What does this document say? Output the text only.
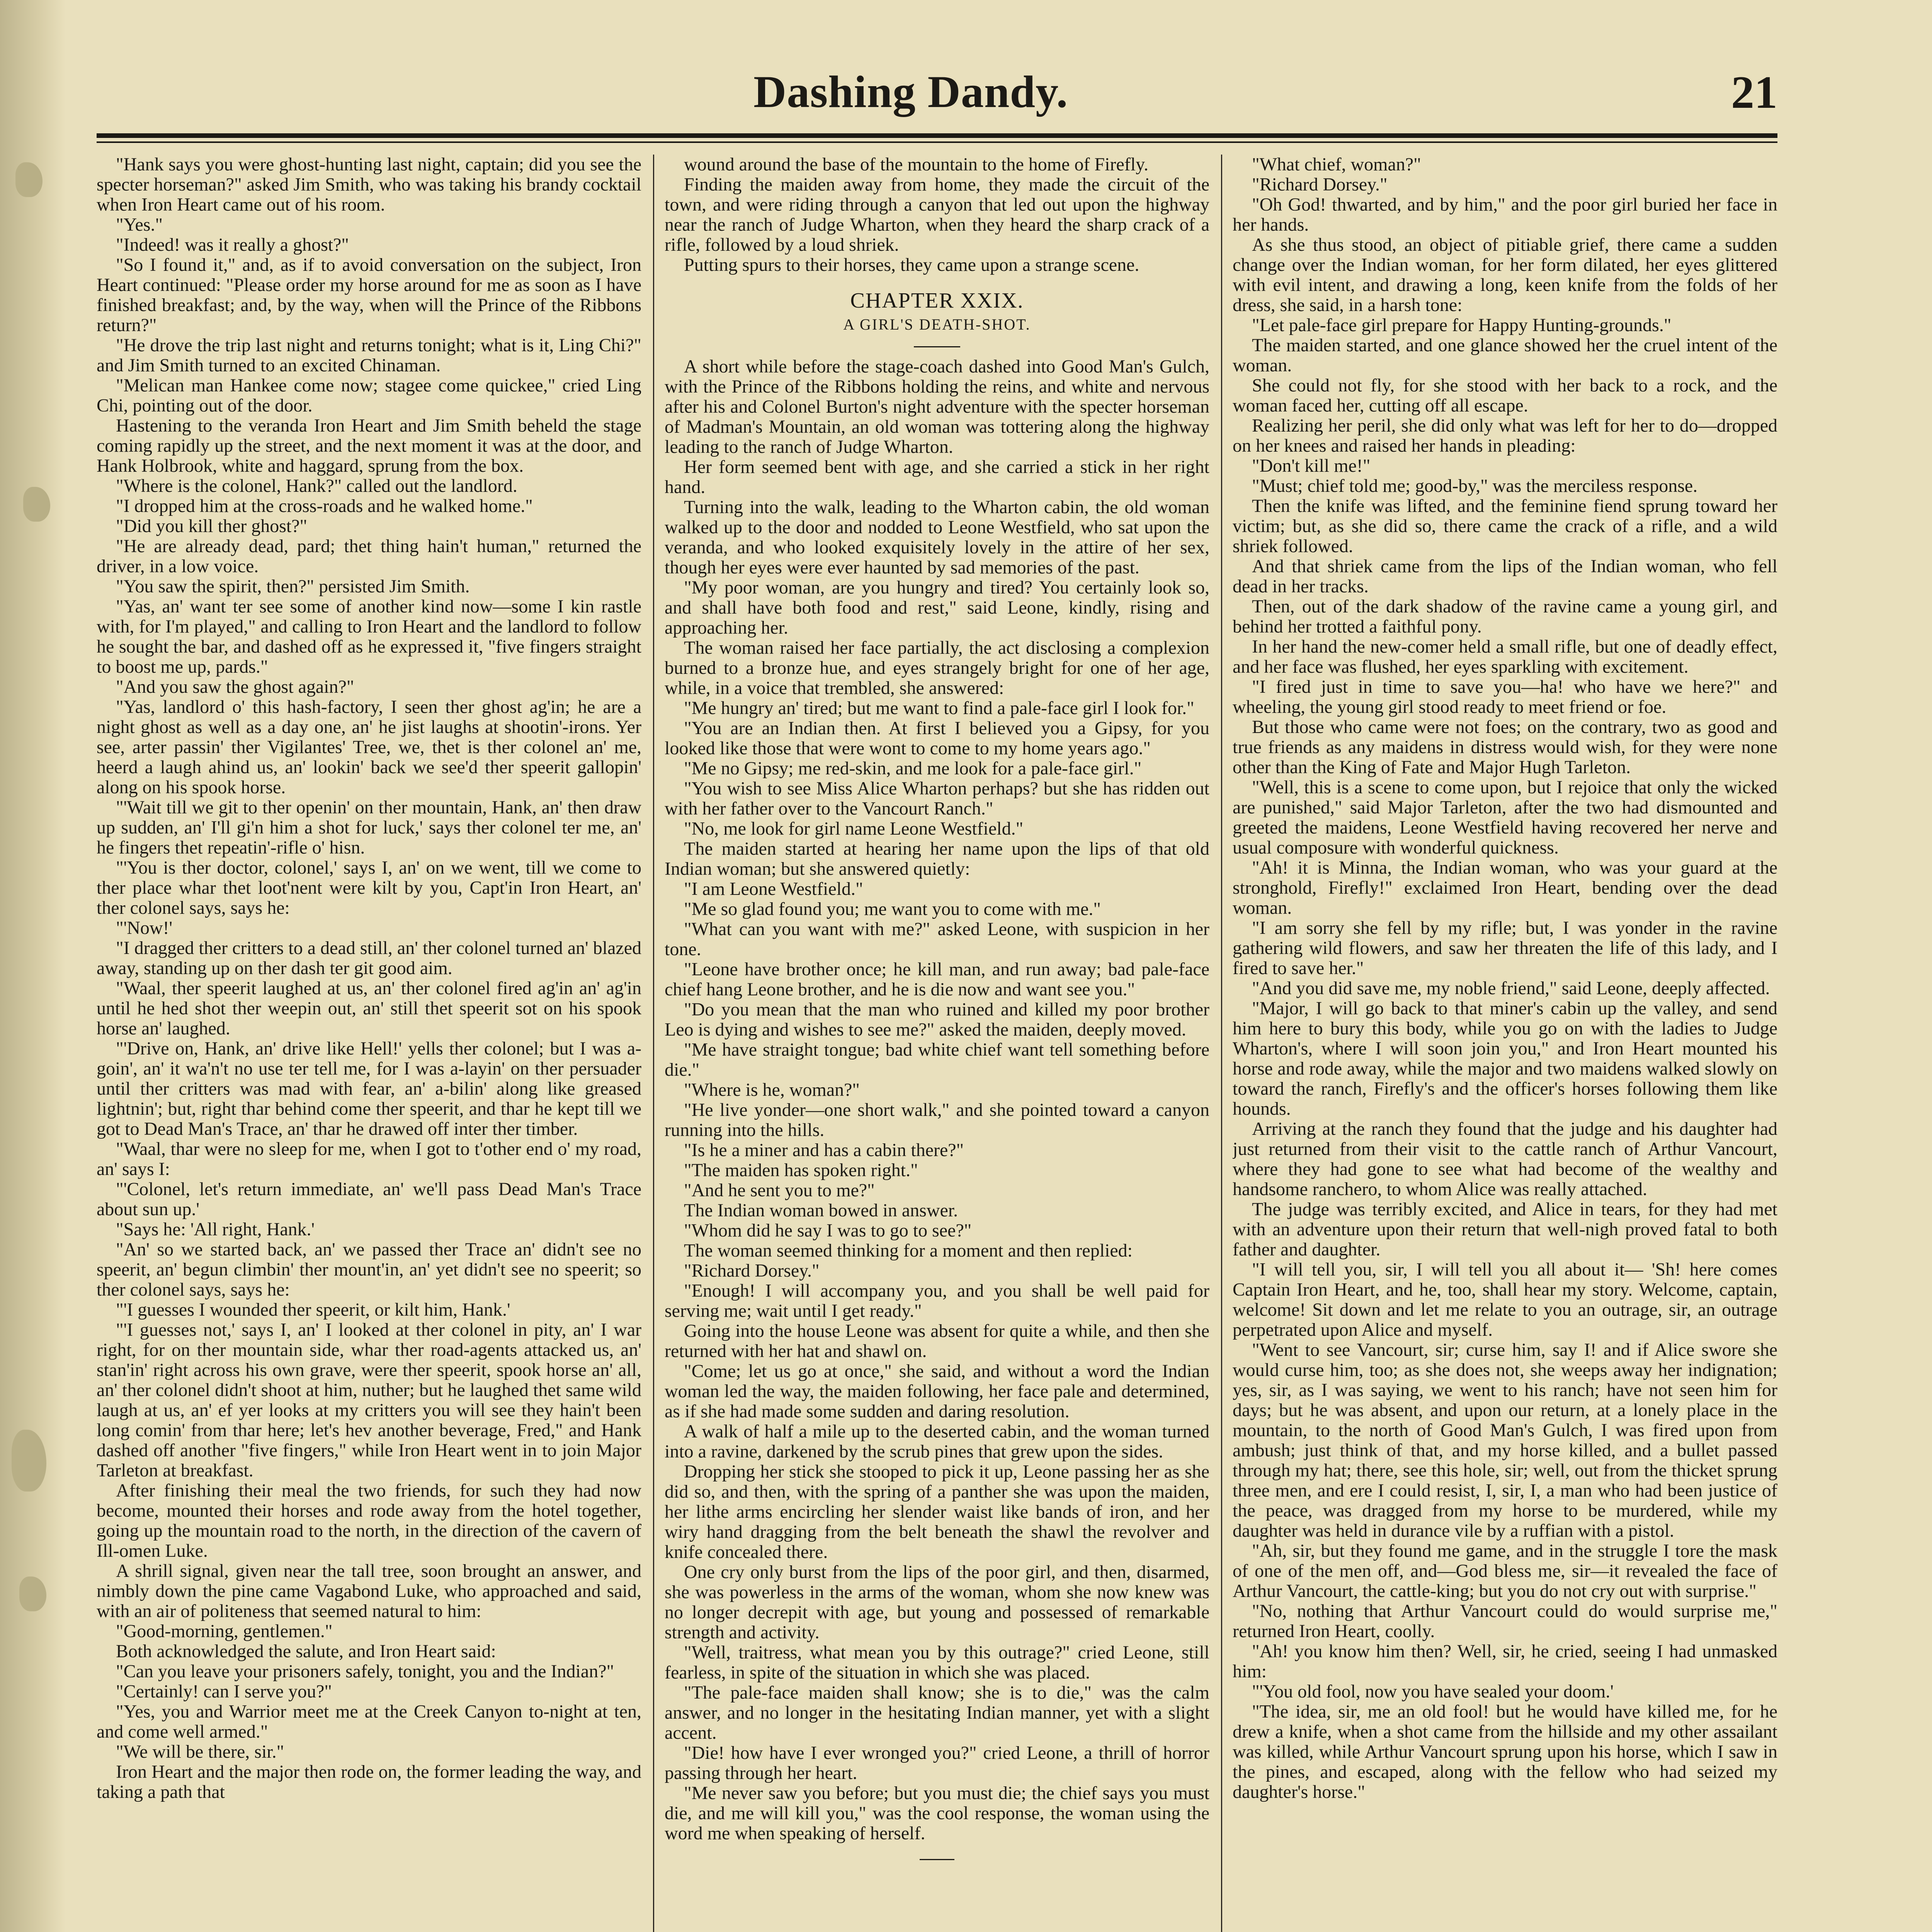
Dashing Dandy.	21

"Hank says you were ghost-hunting last night, captain; did you see the specter horseman?" asked Jim Smith, who was taking his brandy cocktail when Iron Heart came out of his room.

"Yes."

"Indeed! was it really a ghost?"

"So I found it," and, as if to avoid conversation on the subject, Iron Heart continued: "Please order my horse around for me as soon as I have finished breakfast; and, by the way, when will the Prince of the Ribbons return?"

"He drove the trip last night and returns tonight; what is it, Ling Chi?" and Jim Smith turned to an excited Chinaman.

"Melican man Hankee come now; stagee come quickee," cried Ling Chi, pointing out of the door.

Hastening to the veranda Iron Heart and Jim Smith beheld the stage coming rapidly up the street, and the next moment it was at the door, and Hank Holbrook, white and haggard, sprung from the box.

"Where is the colonel, Hank?" called out the landlord.

"I dropped him at the cross-roads and he walked home."

"Did you kill ther ghost?"

"He are already dead, pard; thet thing hain't human," returned the driver, in a low voice.

"You saw the spirit, then?" persisted Jim Smith.

"Yas, an' want ter see some of another kind now—some I kin rastle with, for I'm played," and calling to Iron Heart and the landlord to follow he sought the bar, and dashed off as he expressed it, "five fingers straight to boost me up, pards."

"And you saw the ghost again?"

"Yas, landlord o' this hash-factory, I seen ther ghost ag'in; he are a night ghost as well as a day one, an' he jist laughs at shootin'-irons. Yer see, arter passin' ther Vigilantes' Tree, we, thet is ther colonel an' me, heerd a laugh ahind us, an' lookin' back we see'd ther speerit gallopin' along on his spook horse.

"'Wait till we git to ther openin' on ther mountain, Hank, an' then draw up sudden, an' I'll gi'n him a shot for luck,' says ther colonel ter me, an' he fingers thet repeatin'-rifle o' hisn.

"'You is ther doctor, colonel,' says I, an' on we went, till we come to ther place whar thet loot'nent were kilt by you, Capt'in Iron Heart, an' ther colonel says, says he:

"'Now!'

"I dragged ther critters to a dead still, an' ther colonel turned an' blazed away, standing up on ther dash ter git good aim.

"Waal, ther speerit laughed at us, an' ther colonel fired ag'in an' ag'in until he hed shot ther weepin out, an' still thet speerit sot on his spook horse an' laughed.

"'Drive on, Hank, an' drive like Hell!' yells ther colonel; but I was a-goin', an' it wa'n't no use ter tell me, for I was a-layin' on ther persuader until ther critters was mad with fear, an' a-bilin' along like greased lightnin'; but, right thar behind come ther speerit, and thar he kept till we got to Dead Man's Trace, an' thar he drawed off inter ther timber.

"Waal, thar were no sleep for me, when I got to t'other end o' my road, an' says I:

"'Colonel, let's return immediate, an' we'll pass Dead Man's Trace about sun up.'

"Says he: 'All right, Hank.'

"An' so we started back, an' we passed ther Trace an' didn't see no speerit, an' begun climbin' ther mount'in, an' yet didn't see no speerit; so ther colonel says, says he:

"'I guesses I wounded ther speerit, or kilt him, Hank.'

"'I guesses not,' says I, an' I looked at ther colonel in pity, an' I war right, for on ther mountain side, whar ther road-agents attacked us, an' stan'in' right across his own grave, were ther speerit, spook horse an' all, an' ther colonel didn't shoot at him, nuther; but he laughed thet same wild laugh at us, an' ef yer looks at my critters you will see they hain't been long comin' from thar here; let's hev another beverage, Fred," and Hank dashed off another "five fingers," while Iron Heart went in to join Major Tarleton at breakfast.

After finishing their meal the two friends, for such they had now become, mounted their horses and rode away from the hotel together, going up the mountain road to the north, in the direction of the cavern of Ill-omen Luke.

A shrill signal, given near the tall tree, soon brought an answer, and nimbly down the pine came Vagabond Luke, who approached and said, with an air of politeness that seemed natural to him:

"Good-morning, gentlemen."

Both acknowledged the salute, and Iron Heart said:

"Can you leave your prisoners safely, tonight, you and the Indian?"

"Certainly! can I serve you?"

"Yes, you and Warrior meet me at the Creek Canyon to-night at ten, and come well armed."

"We will be there, sir."

Iron Heart and the major then rode on, the former leading the way, and taking a path that

wound around the base of the mountain to the home of Firefly.

Finding the maiden away from home, they made the circuit of the town, and were riding through a canyon that led out upon the highway near the ranch of Judge Wharton, when they heard the sharp crack of a rifle, followed by a loud shriek.

Putting spurs to their horses, they came upon a strange scene.

CHAPTER XXIX.
A GIRL'S DEATH-SHOT.

A short while before the stage-coach dashed into Good Man's Gulch, with the Prince of the Ribbons holding the reins, and white and nervous after his and Colonel Burton's night adventure with the specter horseman of Madman's Mountain, an old woman was tottering along the highway leading to the ranch of Judge Wharton.

Her form seemed bent with age, and she carried a stick in her right hand.

Turning into the walk, leading to the Wharton cabin, the old woman walked up to the door and nodded to Leone Westfield, who sat upon the veranda, and who looked exquisitely lovely in the attire of her sex, though her eyes were ever haunted by sad memories of the past.

"My poor woman, are you hungry and tired? You certainly look so, and shall have both food and rest," said Leone, kindly, rising and approaching her.

The woman raised her face partially, the act disclosing a complexion burned to a bronze hue, and eyes strangely bright for one of her age, while, in a voice that trembled, she answered:

"Me hungry an' tired; but me want to find a pale-face girl I look for."

"You are an Indian then. At first I believed you a Gipsy, for you looked like those that were wont to come to my home years ago."

"Me no Gipsy; me red-skin, and me look for a pale-face girl."

"You wish to see Miss Alice Wharton perhaps? but she has ridden out with her father over to the Vancourt Ranch."

"No, me look for girl name Leone Westfield."

The maiden started at hearing her name upon the lips of that old Indian woman; but she answered quietly:

"I am Leone Westfield."

"Me so glad found you; me want you to come with me."

"What can you want with me?" asked Leone, with suspicion in her tone.

"Leone have brother once; he kill man, and run away; bad pale-face chief hang Leone brother, and he is die now and want see you."

"Do you mean that the man who ruined and killed my poor brother Leo is dying and wishes to see me?" asked the maiden, deeply moved.

"Me have straight tongue; bad white chief want tell something before die."

"Where is he, woman?"

"He live yonder—one short walk," and she pointed toward a canyon running into the hills.

"Is he a miner and has a cabin there?"

"The maiden has spoken right."

"And he sent you to me?"

The Indian woman bowed in answer.

"Whom did he say I was to go to see?"

The woman seemed thinking for a moment and then replied:

"Richard Dorsey."

"Enough! I will accompany you, and you shall be well paid for serving me; wait until I get ready."

Going into the house Leone was absent for quite a while, and then she returned with her hat and shawl on.

"Come; let us go at once," she said, and without a word the Indian woman led the way, the maiden following, her face pale and determined, as if she had made some sudden and daring resolution.

A walk of half a mile up to the deserted cabin, and the woman turned into a ravine, darkened by the scrub pines that grew upon the sides.

Dropping her stick she stooped to pick it up, Leone passing her as she did so, and then, with the spring of a panther she was upon the maiden, her lithe arms encircling her slender waist like bands of iron, and her wiry hand dragging from the belt beneath the shawl the revolver and knife concealed there.

One cry only burst from the lips of the poor girl, and then, disarmed, she was powerless in the arms of the woman, whom she now knew was no longer decrepit with age, but young and possessed of remarkable strength and activity.

"Well, traitress, what mean you by this outrage?" cried Leone, still fearless, in spite of the situation in which she was placed.

"The pale-face maiden shall know; she is to die," was the calm answer, and no longer in the hesitating Indian manner, yet with a slight accent.

"Die! how have I ever wronged you?" cried Leone, a thrill of horror passing through her heart.

"Me never saw you before; but you must die; the chief says you must die, and me will kill you," was the cool response, the woman using the word me when speaking of herself.

"What chief, woman?"

"Richard Dorsey."

"Oh God! thwarted, and by him," and the poor girl buried her face in her hands.

As she thus stood, an object of pitiable grief, there came a sudden change over the Indian woman, for her form dilated, her eyes glittered with evil intent, and drawing a long, keen knife from the folds of her dress, she said, in a harsh tone:

"Let pale-face girl prepare for Happy Hunting-grounds."

The maiden started, and one glance showed her the cruel intent of the woman.

She could not fly, for she stood with her back to a rock, and the woman faced her, cutting off all escape.

Realizing her peril, she did only what was left for her to do—dropped on her knees and raised her hands in pleading:

"Don't kill me!"

"Must; chief told me; good-by," was the merciless response.

Then the knife was lifted, and the feminine fiend sprung toward her victim; but, as she did so, there came the crack of a rifle, and a wild shriek followed.

And that shriek came from the lips of the Indian woman, who fell dead in her tracks.

Then, out of the dark shadow of the ravine came a young girl, and behind her trotted a faithful pony.

In her hand the new-comer held a small rifle, but one of deadly effect, and her face was flushed, her eyes sparkling with excitement.

"I fired just in time to save you—ha! who have we here?" and wheeling, the young girl stood ready to meet friend or foe.

But those who came were not foes; on the contrary, two as good and true friends as any maidens in distress would wish, for they were none other than the King of Fate and Major Hugh Tarleton.

"Well, this is a scene to come upon, but I rejoice that only the wicked are punished," said Major Tarleton, after the two had dismounted and greeted the maidens, Leone Westfield having recovered her nerve and usual composure with wonderful quickness.

"Ah! it is Minna, the Indian woman, who was your guard at the stronghold, Firefly!" exclaimed Iron Heart, bending over the dead woman.

"I am sorry she fell by my rifle; but, I was yonder in the ravine gathering wild flowers, and saw her threaten the life of this lady, and I fired to save her."

"And you did save me, my noble friend," said Leone, deeply affected.

"Major, I will go back to that miner's cabin up the valley, and send him here to bury this body, while you go on with the ladies to Judge Wharton's, where I will soon join you," and Iron Heart mounted his horse and rode away, while the major and two maidens walked slowly on toward the ranch, Firefly's and the officer's horses following them like hounds.

Arriving at the ranch they found that the judge and his daughter had just returned from their visit to the cattle ranch of Arthur Vancourt, where they had gone to see what had become of the wealthy and handsome ranchero, to whom Alice was really attached.

The judge was terribly excited, and Alice in tears, for they had met with an adventure upon their return that well-nigh proved fatal to both father and daughter.

"I will tell you, sir, I will tell you all about it— 'Sh! here comes Captain Iron Heart, and he, too, shall hear my story. Welcome, captain, welcome! Sit down and let me relate to you an outrage, sir, an outrage perpetrated upon Alice and myself.

"Went to see Vancourt, sir; curse him, say I! and if Alice swore she would curse him, too; as she does not, she weeps away her indignation; yes, sir, as I was saying, we went to his ranch; have not seen him for days; but he was absent, and upon our return, at a lonely place in the mountain, to the north of Good Man's Gulch, I was fired upon from ambush; just think of that, and my horse killed, and a bullet passed through my hat; there, see this hole, sir; well, out from the thicket sprung three men, and ere I could resist, I, sir, I, a man who had been justice of the peace, was dragged from my horse to be murdered, while my daughter was held in durance vile by a ruffian with a pistol.

"Ah, sir, but they found me game, and in the struggle I tore the mask of one of the men off, and—God bless me, sir—it revealed the face of Arthur Vancourt, the cattle-king; but you do not cry out with surprise."

"No, nothing that Arthur Vancourt could do would surprise me," returned Iron Heart, coolly.

"Ah! you know him then? Well, sir, he cried, seeing I had unmasked him:

"'You old fool, now you have sealed your doom.'

"The idea, sir, me an old fool! but he would have killed me, for he drew a knife, when a shot came from the hillside and my other assailant was killed, while Arthur Vancourt sprung upon his horse, which I saw in the pines, and escaped, along with the fellow who had seized my daughter's horse."
